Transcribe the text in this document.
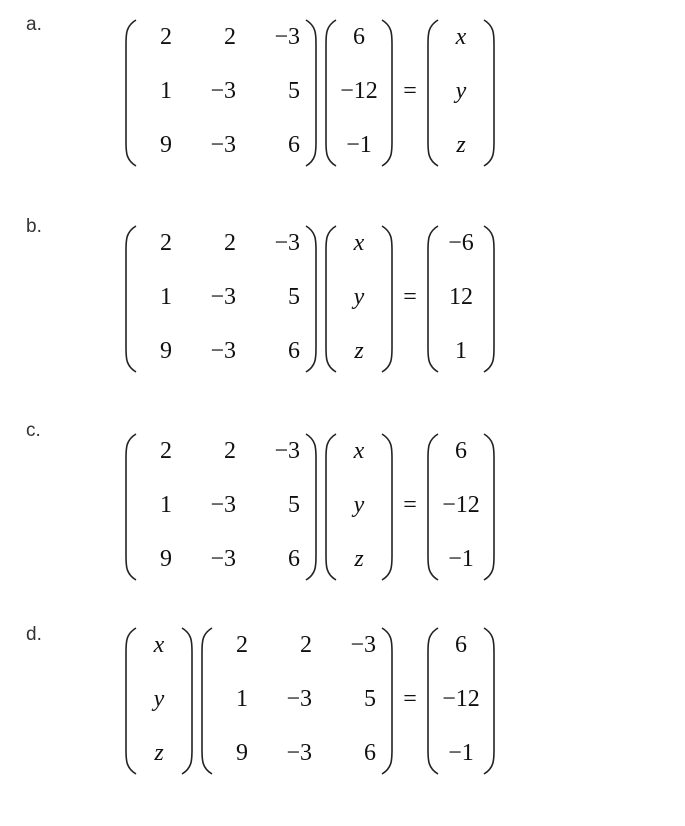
a.	2 2 −3
1 −3 5
9 −3 6
6
−12
−1
=
x
y
z
b.
2 2 −3
1 −3 5
9 −3 6
x
y
z
=
−6
12
1
c.
2 2 −3
1 −3 5
9 −3 6
x
y
z
=
6
−12
−1
d.	x
y
z
2 2 −3
1 −3 5
9 −3 6
=
6
−12
−1
